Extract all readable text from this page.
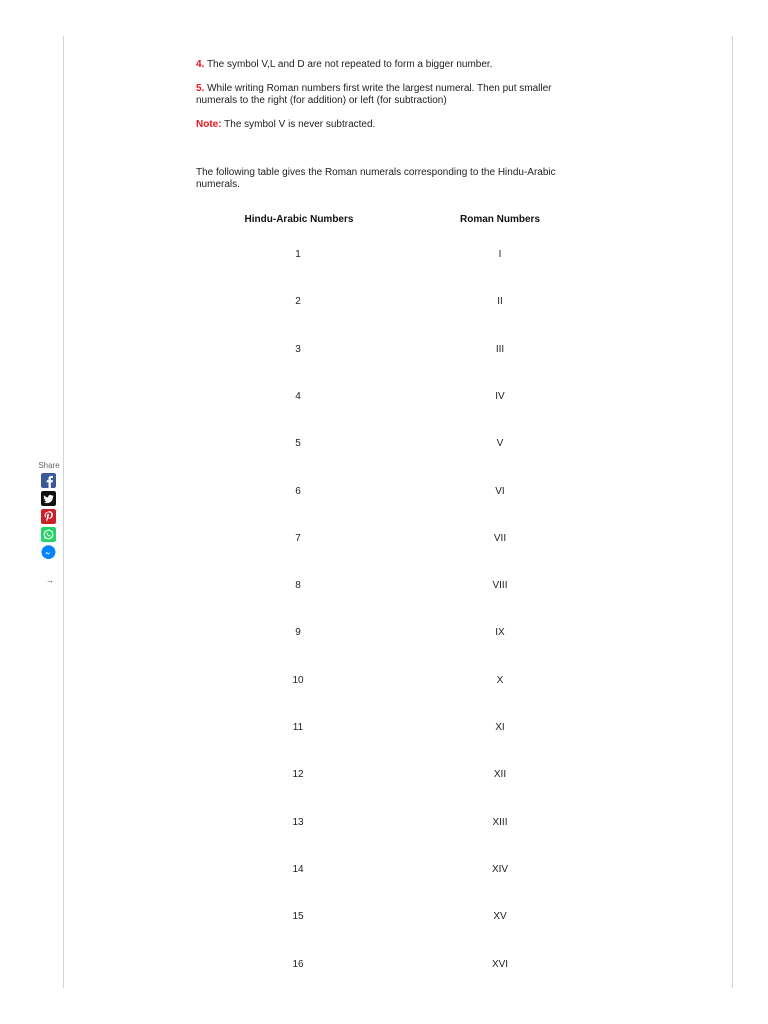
4. The symbol V,L and D are not repeated to form a bigger number.

5. While writing Roman numbers first write the largest numeral. Then put smaller numerals to the right (for addition) or left (for subtraction)

Note: The symbol V is never subtracted.

The following table gives the Roman numerals corresponding to the Hindu-Arabic numerals.

Hindu-Arabic Numbers	Roman Numbers
1	I
2	II
3	III
4	IV
5	V
6	VI
7	VII
8	VIII
9	IX
10	X
11	XI
12	XII
13	XIII
14	XIV
15	XV
16	XVI
Share
→
